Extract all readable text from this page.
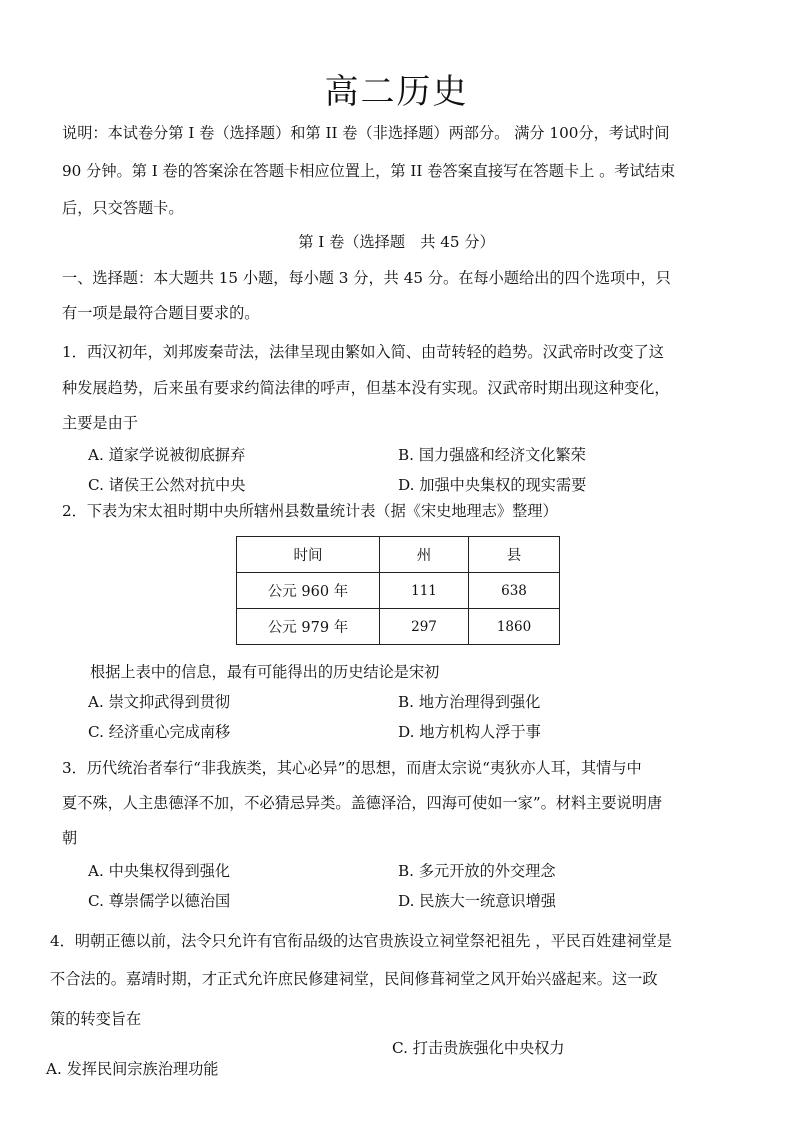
高二历史
说明：本试卷分第 I 卷（选择题）和第 II 卷（非选择题）两部分。 满分 100分，考试时间
90 分钟。第 I 卷的答案涂在答题卡相应位置上，第 II 卷答案直接写在答题卡上 。考试结束
后，只交答题卡。
第 I 卷（选择题　共 45 分）
一、选择题：本大题共 15 小题，每小题 3 分，共 45 分。在每小题给出的四个选项中，只
有一项是最符合题目要求的。
1．西汉初年，刘邦废秦苛法，法律呈现由繁如入简、由苛转轻的趋势。汉武帝时改变了这
种发展趋势，后来虽有要求约简法律的呼声，但基本没有实现。汉武帝时期出现这种变化，
主要是由于
A. 道家学说被彻底摒弃	B. 国力强盛和经济文化繁荣
C. 诸侯王公然对抗中央	D. 加强中央集权的现实需要
2．下表为宋太祖时期中央所辖州县数量统计表（据《宋史地理志》整理）
时间	州	县
公元 960 年	111	638
公元 979 年	297	1860
根据上表中的信息，最有可能得出的历史结论是宋初
A. 崇文抑武得到贯彻	B. 地方治理得到强化
C. 经济重心完成南移	D. 地方机构人浮于事
3．历代统治者奉行“非我族类，其心必异”的思想，而唐太宗说“夷狄亦人耳，其情与中
夏不殊，人主患德泽不加，不必猜忌异类。盖德泽洽，四海可使如一家”。材料主要说明唐
朝
A. 中央集权得到强化	B. 多元开放的外交理念
C. 尊崇儒学以德治国	D. 民族大一统意识增强
4．明朝正德以前，法令只允许有官衔品级的达官贵族设立祠堂祭祀祖先 ，平民百姓建祠堂是
不合法的。嘉靖时期，才正式允许庶民修建祠堂，民间修葺祠堂之风开始兴盛起来。这一政
策的转变旨在
C. 打击贵族强化中央权力
A. 发挥民间宗族治理功能
